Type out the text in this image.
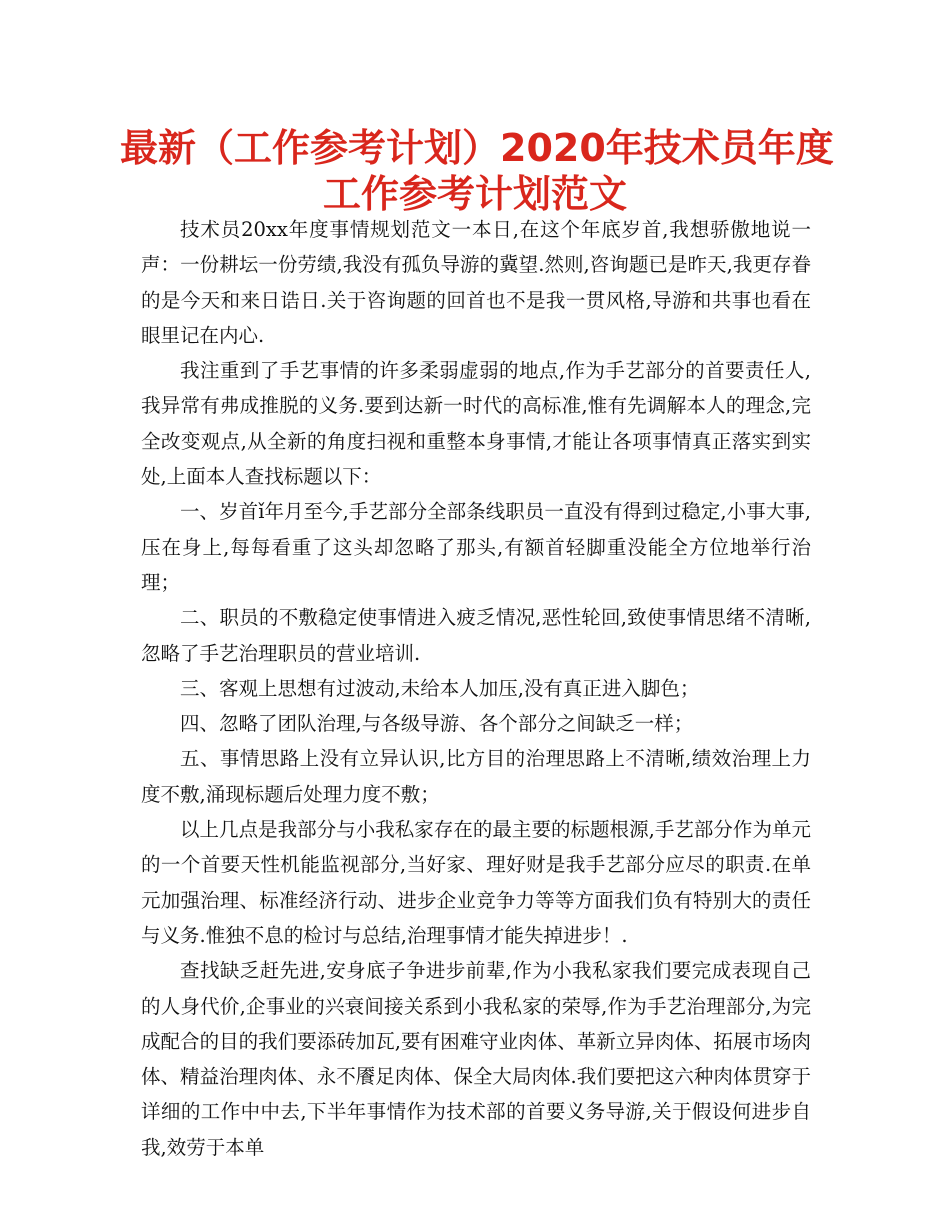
最新（工作参考计划）2020年技术员年度
工作参考计划范文

技术员20xx年度事情规划范文一本日,在这个年底岁首,我想骄傲地说一声：一份耕坛一份劳绩,我没有孤负导游的冀望.然则,咨询题已是昨天,我更存眷的是今天和来日诰日.关于咨询题的回首也不是我一贯风格,导游和共事也看在眼里记在内心.

我注重到了手艺事情的许多柔弱虚弱的地点,作为手艺部分的首要责任人,我异常有弗成推脱的义务.要到达新一时代的高标准,惟有先调解本人的理念,完全改变观点,从全新的角度扫视和重整本身事情,才能让各项事情真正落实到实处,上面本人查找标题以下：

一、岁首ǐ年月至今,手艺部分全部条线职员一直没有得到过稳定,小事大事,压在身上,每每看重了这头却忽略了那头,有额首轻脚重没能全方位地举行治理；

二、职员的不敷稳定使事情进入疲乏情况,恶性轮回,致使事情思绪不清晰,忽略了手艺治理职员的营业培训.

三、客观上思想有过波动,未给本人加压,没有真正进入脚色；

四、忽略了团队治理,与各级导游、各个部分之间缺乏一样；

五、事情思路上没有立异认识,比方目的治理思路上不清晰,绩效治理上力度不敷,涌现标题后处理力度不敷；

以上几点是我部分与小我私家存在的最主要的标题根源,手艺部分作为单元的一个首要天性机能监视部分,当好家、理好财是我手艺部分应尽的职责.在单元加强治理、标准经济行动、进步企业竞争力等等方面我们负有特别大的责任与义务.惟独不息的检讨与总结,治理事情才能失掉进步！.

查找缺乏赶先进,安身底子争进步前辈,作为小我私家我们要完成表现自己的人身代价,企事业的兴衰间接关系到小我私家的荣辱,作为手艺治理部分,为完成配合的目的我们要添砖加瓦,要有困难守业肉体、革新立异肉体、拓展市场肉体、精益治理肉体、永不餍足肉体、保全大局肉体.我们要把这六种肉体贯穿于详细的工作中中去,下半年事情作为技术部的首要义务导游,关于假设何进步自我,效劳于本单
